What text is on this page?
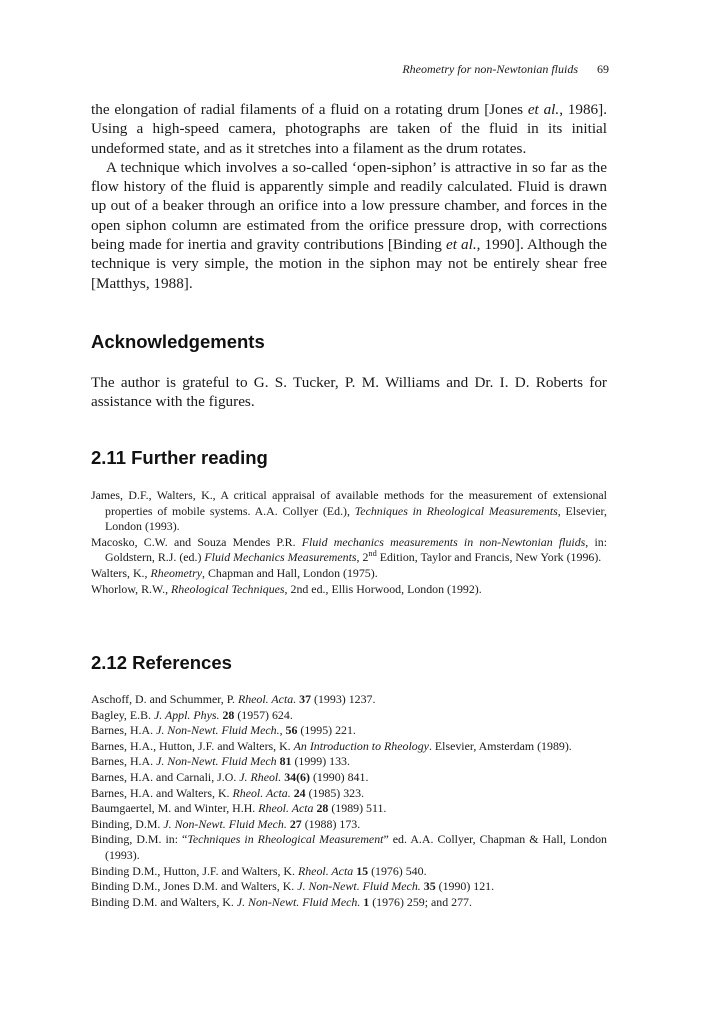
Rheometry for non-Newtonian fluids 69

the elongation of radial filaments of a fluid on a rotating drum [Jones et al., 1986]. Using a high-speed camera, photographs are taken of the fluid in its initial undeformed state, and as it stretches into a filament as the drum rotates.

A technique which involves a so-called ‘open-siphon’ is attractive in so far as the flow history of the fluid is apparently simple and readily calculated. Fluid is drawn up out of a beaker through an orifice into a low pressure chamber, and forces in the open siphon column are estimated from the orifice pressure drop, with corrections being made for inertia and gravity contributions [Binding et al., 1990]. Although the technique is very simple, the motion in the siphon may not be entirely shear free [Matthys, 1988].

Acknowledgements

The author is grateful to G. S. Tucker, P. M. Williams and Dr. I. D. Roberts for assistance with the figures.

2.11 Further reading
James, D.F., Walters, K., A critical appraisal of available methods for the measurement of extensional properties of mobile systems. A.A. Collyer (Ed.), Techniques in Rheological Measurements, Elsevier, London (1993).
Macosko, C.W. and Souza Mendes P.R. Fluid mechanics measurements in non-Newtonian fluids, in: Goldstern, R.J. (ed.) Fluid Mechanics Measurements, 2nd Edition, Taylor and Francis, New York (1996).
Walters, K., Rheometry, Chapman and Hall, London (1975).
Whorlow, R.W., Rheological Techniques, 2nd ed., Ellis Horwood, London (1992).
2.12 References
Aschoff, D. and Schummer, P. Rheol. Acta. 37 (1993) 1237.
Bagley, E.B. J. Appl. Phys. 28 (1957) 624.
Barnes, H.A. J. Non-Newt. Fluid Mech., 56 (1995) 221.
Barnes, H.A., Hutton, J.F. and Walters, K. An Introduction to Rheology. Elsevier, Amsterdam (1989).
Barnes, H.A. J. Non-Newt. Fluid Mech 81 (1999) 133.
Barnes, H.A. and Carnali, J.O. J. Rheol. 34(6) (1990) 841.
Barnes, H.A. and Walters, K. Rheol. Acta. 24 (1985) 323.
Baumgaertel, M. and Winter, H.H. Rheol. Acta 28 (1989) 511.
Binding, D.M. J. Non-Newt. Fluid Mech. 27 (1988) 173.
Binding, D.M. in: “Techniques in Rheological Measurement” ed. A.A. Collyer, Chapman & Hall, London (1993).
Binding D.M., Hutton, J.F. and Walters, K. Rheol. Acta 15 (1976) 540.
Binding D.M., Jones D.M. and Walters, K. J. Non-Newt. Fluid Mech. 35 (1990) 121.
Binding D.M. and Walters, K. J. Non-Newt. Fluid Mech. 1 (1976) 259; and 277.
